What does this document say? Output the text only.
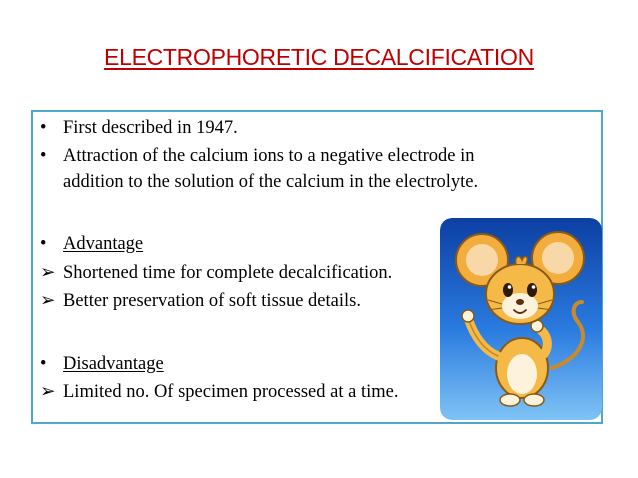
ELECTROPHORETIC DECALCIFICATION
• First described in 1947.
• Attraction of the calcium ions to a negative electrode in
addition to the solution of the calcium in the electrolyte.
• Advantage
➢ Shortened time for complete decalcification.
➢ Better preservation of soft tissue details.
• Disadvantage
➢ Limited no. Of specimen processed at a time.
